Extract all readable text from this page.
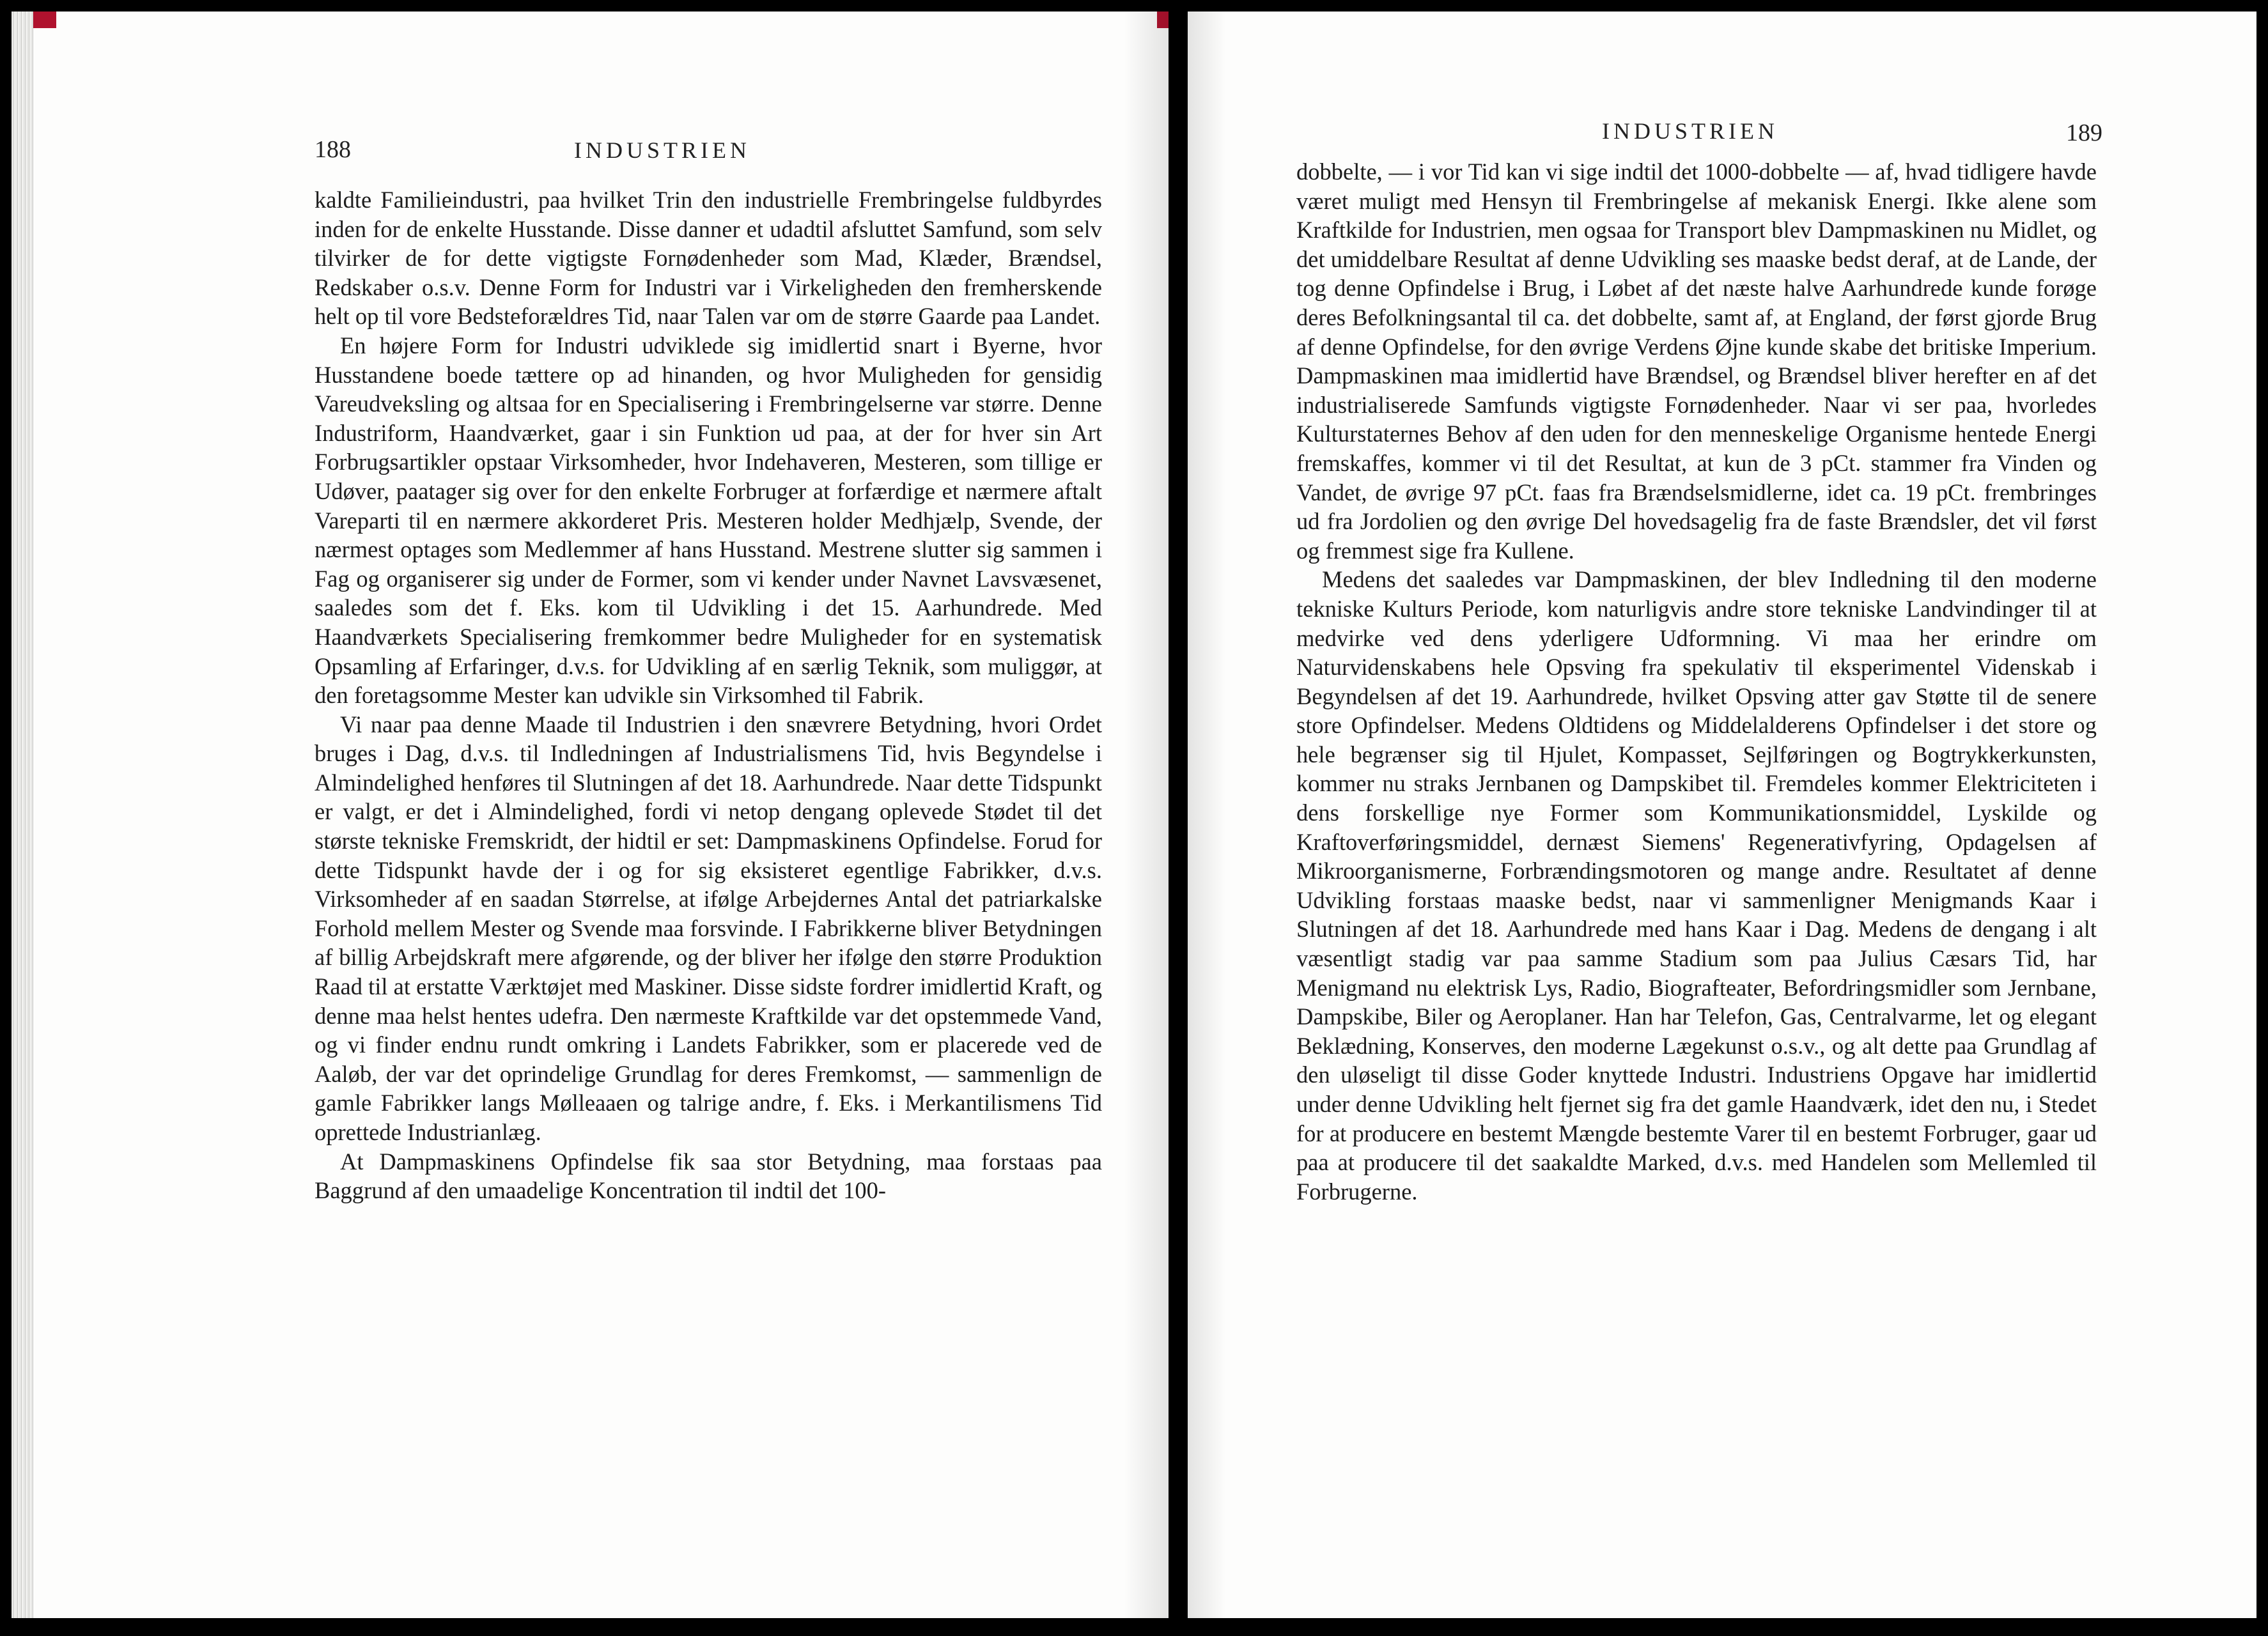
188	INDUSTRIEN

kaldte Familieindustri, paa hvilket Trin den industrielle Frembringelse fuldbyrdes inden for de enkelte Husstande. Disse danner et udadtil afsluttet Samfund, som selv tilvirker de for dette vigtigste Fornødenheder som Mad, Klæder, Brændsel, Redskaber o.s.v. Denne Form for Industri var i Virkeligheden den fremherskende helt op til vore Bedsteforældres Tid, naar Talen var om de større Gaarde paa Landet.

En højere Form for Industri udviklede sig imidlertid snart i Byerne, hvor Husstandene boede tættere op ad hinanden, og hvor Muligheden for gensidig Vareudveksling og altsaa for en Specialisering i Frembringelserne var større. Denne Industriform, Haandværket, gaar i sin Funktion ud paa, at der for hver sin Art Forbrugsartikler opstaar Virksomheder, hvor Indehaveren, Mesteren, som tillige er Udøver, paatager sig over for den enkelte Forbruger at forfærdige et nærmere aftalt Vareparti til en nærmere akkorderet Pris. Mesteren holder Medhjælp, Svende, der nærmest optages som Medlemmer af hans Husstand. Mestrene slutter sig sammen i Fag og organiserer sig under de Former, som vi kender under Navnet Lavsvæsenet, saaledes som det f. Eks. kom til Udvikling i det 15. Aarhundrede. Med Haandværkets Specialisering fremkommer bedre Muligheder for en systematisk Opsamling af Erfaringer, d.v.s. for Udvikling af en særlig Teknik, som muliggør, at den foretagsomme Mester kan udvikle sin Virksomhed til Fabrik.

Vi naar paa denne Maade til Industrien i den snævrere Betydning, hvori Ordet bruges i Dag, d.v.s. til Indledningen af Industrialismens Tid, hvis Begyndelse i Almindelighed henføres til Slutningen af det 18. Aarhundrede. Naar dette Tidspunkt er valgt, er det i Almindelighed, fordi vi netop dengang oplevede Stødet til det største tekniske Fremskridt, der hidtil er set: Dampmaskinens Opfindelse. Forud for dette Tidspunkt havde der i og for sig eksisteret egentlige Fabrikker, d.v.s. Virksomheder af en saadan Størrelse, at ifølge Arbejdernes Antal det patriarkalske Forhold mellem Mester og Svende maa forsvinde. I Fabrikkerne bliver Betydningen af billig Arbejdskraft mere afgørende, og der bliver her ifølge den større Produktion Raad til at erstatte Værktøjet med Maskiner. Disse sidste fordrer imidlertid Kraft, og denne maa helst hentes udefra. Den nærmeste Kraftkilde var det opstemmede Vand, og vi finder endnu rundt omkring i Landets Fabrikker, som er placerede ved de Aaløb, der var det oprindelige Grundlag for deres Fremkomst, — sammenlign de gamle Fabrikker langs Mølleaaen og talrige andre, f. Eks. i Merkantilismens Tid oprettede Industrianlæg.

At Dampmaskinens Opfindelse fik saa stor Betydning, maa forstaas paa Baggrund af den umaadelige Koncentration til indtil det 100-

INDUSTRIEN	189

dobbelte, — i vor Tid kan vi sige indtil det 1000-dobbelte — af, hvad tidligere havde været muligt med Hensyn til Frembringelse af mekanisk Energi. Ikke alene som Kraftkilde for Industrien, men ogsaa for Transport blev Dampmaskinen nu Midlet, og det umiddelbare Resultat af denne Udvikling ses maaske bedst deraf, at de Lande, der tog denne Opfindelse i Brug, i Løbet af det næste halve Aarhundrede kunde forøge deres Befolkningsantal til ca. det dobbelte, samt af, at England, der først gjorde Brug af denne Opfindelse, for den øvrige Verdens Øjne kunde skabe det britiske Imperium. Dampmaskinen maa imidlertid have Brændsel, og Brændsel bliver herefter en af det industrialiserede Samfunds vigtigste Fornødenheder. Naar vi ser paa, hvorledes Kulturstaternes Behov af den uden for den menneskelige Organisme hentede Energi fremskaffes, kommer vi til det Resultat, at kun de 3 pCt. stammer fra Vinden og Vandet, de øvrige 97 pCt. faas fra Brændselsmidlerne, idet ca. 19 pCt. frembringes ud fra Jordolien og den øvrige Del hovedsagelig fra de faste Brændsler, det vil først og fremmest sige fra Kullene.

Medens det saaledes var Dampmaskinen, der blev Indledning til den moderne tekniske Kulturs Periode, kom naturligvis andre store tekniske Landvindinger til at medvirke ved dens yderligere Udformning. Vi maa her erindre om Naturvidenskabens hele Opsving fra spekulativ til eksperimentel Videnskab i Begyndelsen af det 19. Aarhundrede, hvilket Opsving atter gav Støtte til de senere store Opfindelser. Medens Oldtidens og Middelalderens Opfindelser i det store og hele begrænser sig til Hjulet, Kompasset, Sejlføringen og Bogtrykkerkunsten, kommer nu straks Jernbanen og Dampskibet til. Fremdeles kommer Elektriciteten i dens forskellige nye Former som Kommunikationsmiddel, Lyskilde og Kraftoverføringsmiddel, dernæst Siemens' Regenerativfyring, Opdagelsen af Mikroorganismerne, Forbrændingsmotoren og mange andre. Resultatet af denne Udvikling forstaas maaske bedst, naar vi sammenligner Menigmands Kaar i Slutningen af det 18. Aarhundrede med hans Kaar i Dag. Medens de dengang i alt væsentligt stadig var paa samme Stadium som paa Julius Cæsars Tid, har Menigmand nu elektrisk Lys, Radio, Biografteater, Befordringsmidler som Jernbane, Dampskibe, Biler og Aeroplaner. Han har Telefon, Gas, Centralvarme, let og elegant Beklædning, Konserves, den moderne Lægekunst o.s.v., og alt dette paa Grundlag af den uløseligt til disse Goder knyttede Industri. Industriens Opgave har imidlertid under denne Udvikling helt fjernet sig fra det gamle Haandværk, idet den nu, i Stedet for at producere en bestemt Mængde bestemte Varer til en bestemt Forbruger, gaar ud paa at producere til det saakaldte Marked, d.v.s. med Handelen som Mellemled til Forbrugerne.
